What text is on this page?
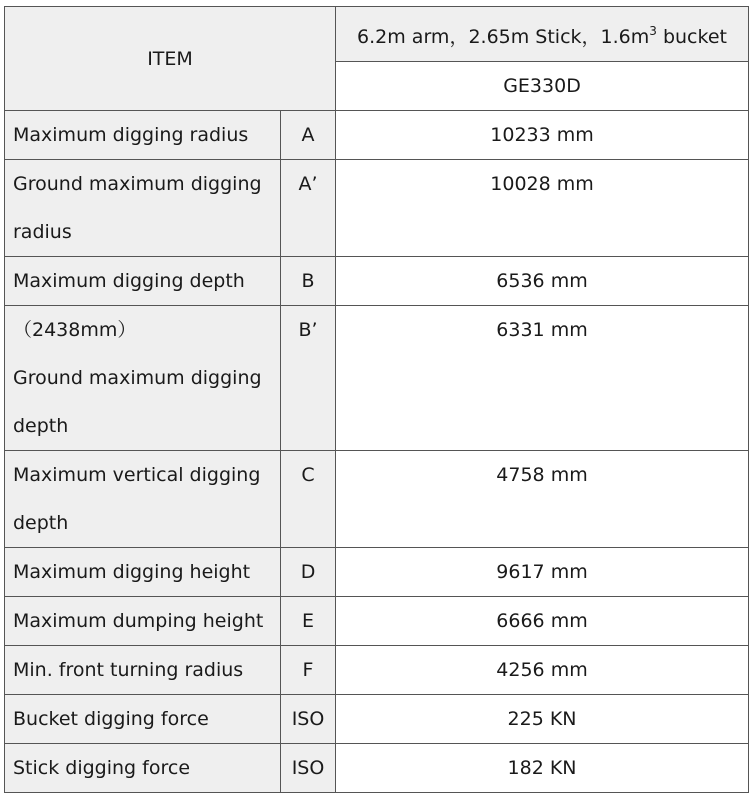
ITEM		6.2m arm，2.65m Stick，$1.6m^3$ bucket
		GE330D

Maximum digging radius	A	10233 mm

Ground maximum digging
radius	A’	10028 mm

Maximum digging depth	B	6536 mm

（2438mm）
Ground maximum digging
depth	B’	6331 mm

Maximum vertical digging
depth	C	4758 mm

Maximum digging height	D	9617 mm

Maximum dumping height	E	6666 mm

Min. front turning radius	F	4256 mm

Bucket digging force	ISO	225 KN

Stick digging force	ISO	182 KN
